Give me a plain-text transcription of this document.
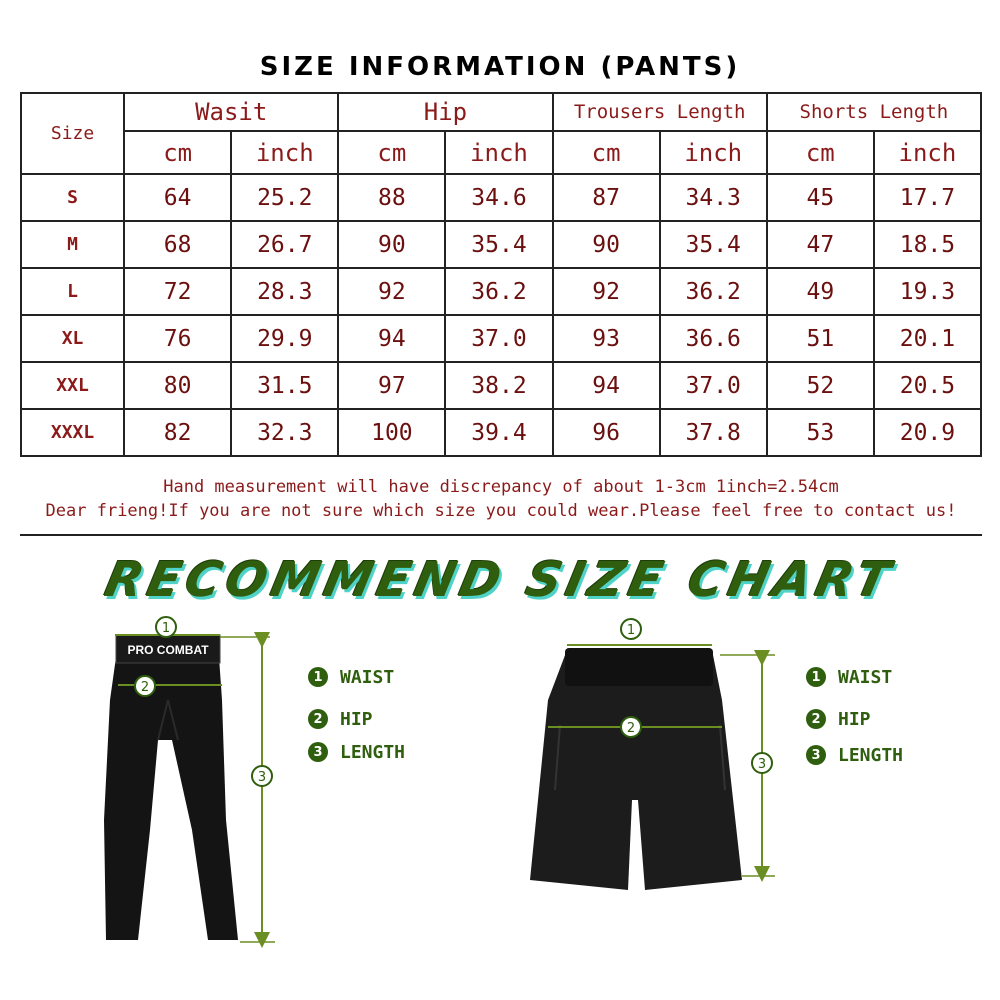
SIZE INFORMATION (PANTS)
Size	Wasit		Hip		Trousers Length		Shorts Length	
	cm	inch	cm	inch	cm	inch	cm	inch
S	64	25.2	88	34.6	87	34.3	45	17.7
M	68	26.7	90	35.4	90	35.4	47	18.5
L	72	28.3	92	36.2	92	36.2	49	19.3
XL	76	29.9	94	37.0	93	36.6	51	20.1
XXL	80	31.5	97	38.2	94	37.0	52	20.5
XXXL	82	32.3	100	39.4	96	37.8	53	20.9
Hand measurement will have discrepancy of about 1-3cm 1inch=2.54cm
Dear frieng!If you are not sure which size you could wear.Please feel free to contact us!
RECOMMEND SIZE CHART
PRO COMBAT
1
2
3
1
2
3
1 WAIST
2 HIP
3 LENGTH
1 WAIST
2 HIP
3 LENGTH
